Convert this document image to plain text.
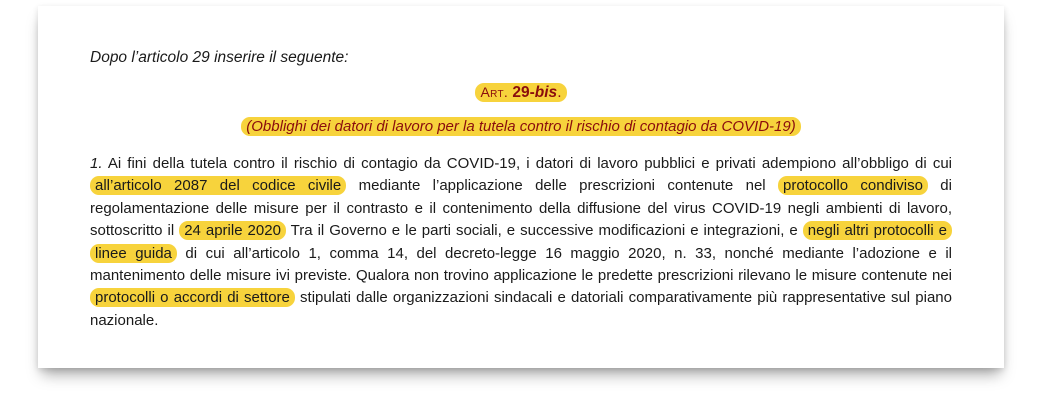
Dopo l’articolo 29 inserire il seguente:

Art. 29-bis.
(Obblighi dei datori di lavoro per la tutela contro il rischio di contagio da COVID-19)

1. Ai fini della tutela contro il rischio di contagio da COVID-19, i datori di lavoro pubblici e privati adempiono all’obbligo di cui all’articolo 2087 del codice civile mediante l’applicazione delle prescrizioni contenute nel protocollo condiviso di regolamentazione delle misure per il contrasto e il contenimento della diffusione del virus COVID-19 negli ambienti di lavoro, sottoscritto il 24 aprile 2020 Tra il Governo e le parti sociali, e successive modificazioni e integrazioni, e negli altri protocolli e linee guida di cui all’articolo 1, comma 14, del decreto-legge 16 maggio 2020, n. 33, nonché mediante l’adozione e il mantenimento delle misure ivi previste. Qualora non trovino applicazione le predette prescrizioni rilevano le misure contenute nei protocolli o accordi di settore stipulati dalle organizzazioni sindacali e datoriali comparativamente più rappresentative sul piano nazionale.
